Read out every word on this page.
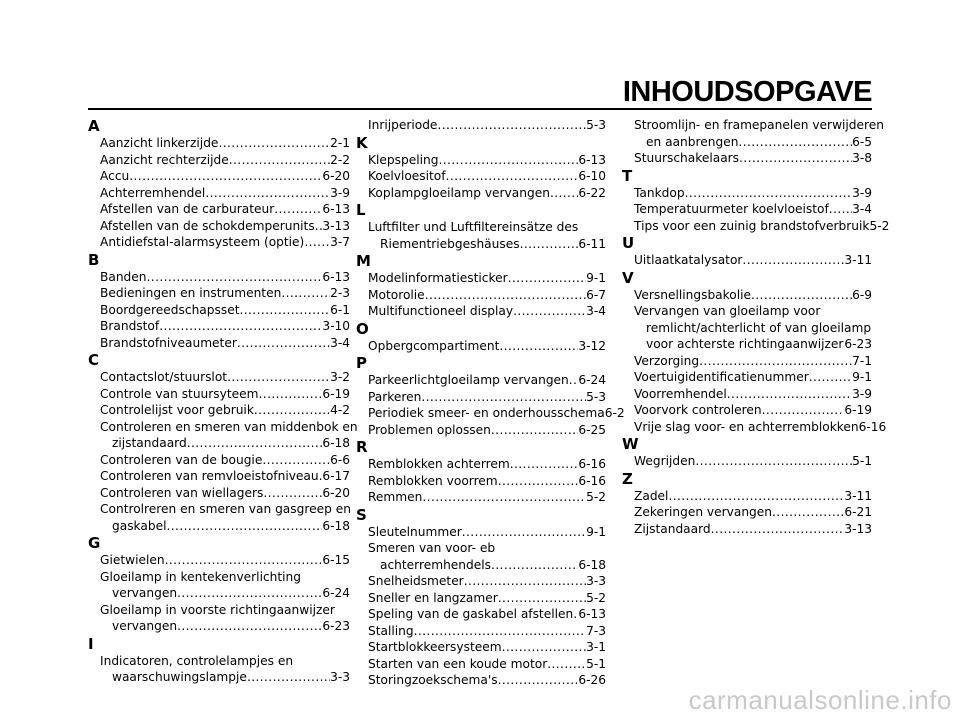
INHOUDSOPGAVE
A
Aanzicht linkerzijde .....	2-1
Aanzicht rechterzijde .....	2-2
Accu .....	6-20
Achterremhendel .....	3-9
Afstellen van de carburateur .....	6-13
Afstellen van de schokdemperunits ..... 3-13
Antidiefstal-alarmsysteem (optie) ..... 3-7
B
Banden .....	6-13
Bedieningen en instrumenten .....	2-3
Boordgereedschapsset .....	6-1
Brandstof .....	3-10
Brandstofniveaumeter .....	3-4
C
Contactslot/stuurslot .....	3-2
Controle van stuursyteem .....	6-19
Controlelijst voor gebruik .....	4-2
Controleren en smeren van middenbok en
zijstandaard .....	6-18
Controleren van de bougie .....	6-6
Controleren van remvloeistofniveau ..... 6-17
Controleren van wiellagers .....	6-20
Controlreren en smeren van gasgreep en
gaskabel .....	6-18
G
Gietwielen .....	6-15
Gloeilamp in kentekenverlichting
vervangen .....	6-24
Gloeilamp in voorste richtingaanwijzer
vervangen .....	6-23
I
Indicatoren, controlelampjes en
waarschuwingslampje .....	3-3
Inrijperiode .....	5-3
K
Klepspeling .....	6-13
Koelvloesitof .....	6-10
Koplampgloeilamp vervangen ..... 6-22
L
Luftfilter und Luftfiltereinsätze des
Riementriebgeshäuses .....	6-11
M
Modelinformatiesticker .....	9-1
Motorolie .....	6-7
Multifunctioneel display .....	3-4
O
Opbergcompartiment .....	3-12
P
Parkeerlichtgloeilamp vervangen ..... 6-24
Parkeren .....	5-3
Periodiek smeer- en onderhousschema 6-2
Problemen oplossen .....	6-25
R
Remblokken achterrem .....	6-16
Remblokken voorrem .....	6-16
Remmen .....	5-2
S
Sleutelnummer .....	9-1
Smeren van voor- eb
achterremhendels .....	6-18
Snelheidsmeter .....	3-3
Sneller en langzamer .....	5-2
Speling van de gaskabel afstellen ..... 6-13
Stalling .....	7-3
Startblokkeersysteem .....	3-1
Starten van een koude motor .....	5-1
Storingzoekschema's .....	6-26
Stroomlijn- en framepanelen verwijderen
en aanbrengen .....	6-5
Stuurschakelaars .....	3-8
T
Tankdop .....	3-9
Temperatuurmeter koelvloeistof ..... 3-4
Tips voor een zuinig brandstofverbruik 5-2
U
Uitlaatkatalysator .....	3-11
V
Versnellingsbakolie .....	6-9
Vervangen van gloeilamp voor
remlicht/achterlicht of van gloeilamp
voor achterste richtingaanwijzer ..... 6-23
Verzorging .....	7-1
Voertuigidentificatienummer .....	9-1
Voorremhendel .....	3-9
Voorvork controleren .....	6-19
Vrije slag voor- en achterremblokken 6-16
W
Wegrijden .....	5-1
Z
Zadel .....	3-11
Zekeringen vervangen .....	6-21
Zijstandaard .....	3-13
carmanualsonline.info
